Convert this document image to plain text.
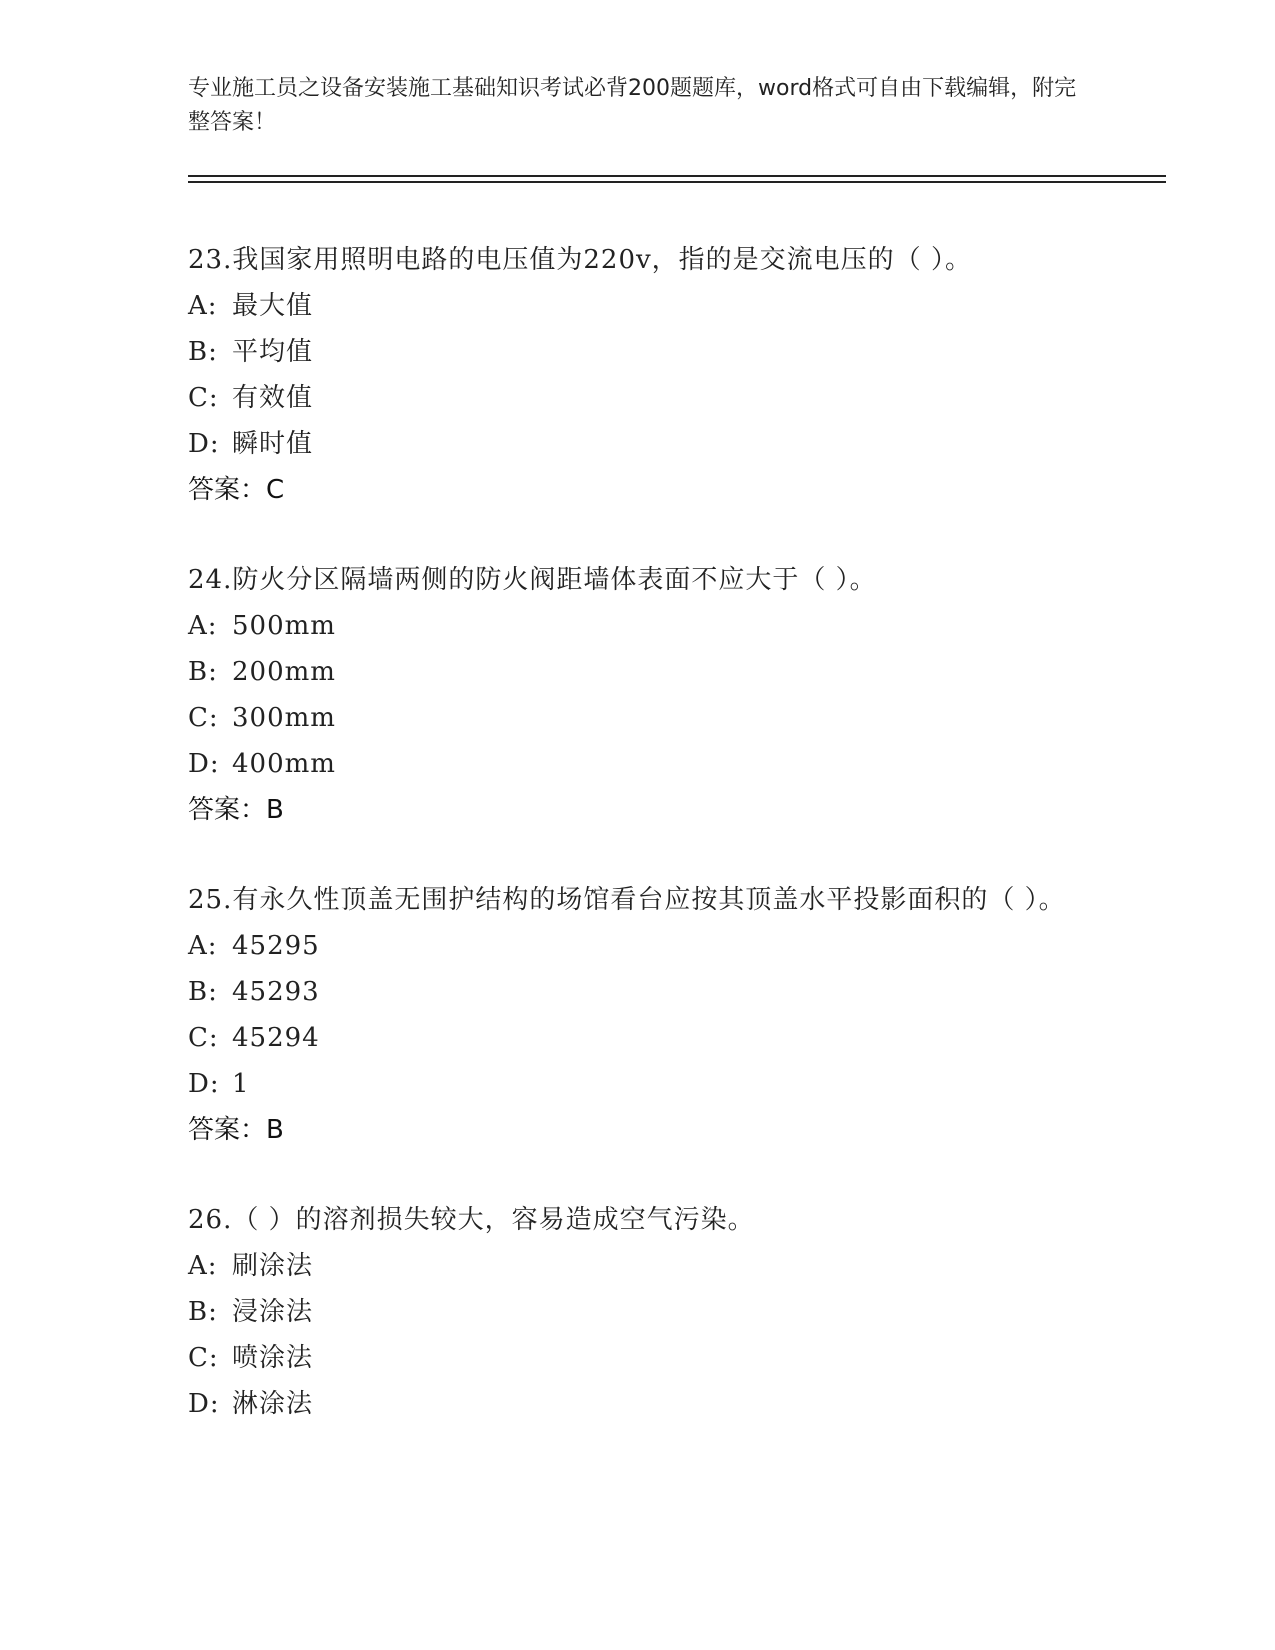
专业施工员之设备安装施工基础知识考试必背200题题库，word格式可自由下载编辑，附完整答案！
23.我国家用照明电路的电压值为220v，指的是交流电压的（ ）。
A: 最大值
B: 平均值
C: 有效值
D: 瞬时值
答案：C
24.防火分区隔墙两侧的防火阀距墙体表面不应大于（ ）。
A: 500mm
B: 200mm
C: 300mm
D: 400mm
答案：B
25.有永久性顶盖无围护结构的场馆看台应按其顶盖水平投影面积的（ ）。
A: 45295
B: 45293
C: 45294
D: 1
答案：B
26.（ ）的溶剂损失较大，容易造成空气污染。
A: 刷涂法
B: 浸涂法
C: 喷涂法
D: 淋涂法
